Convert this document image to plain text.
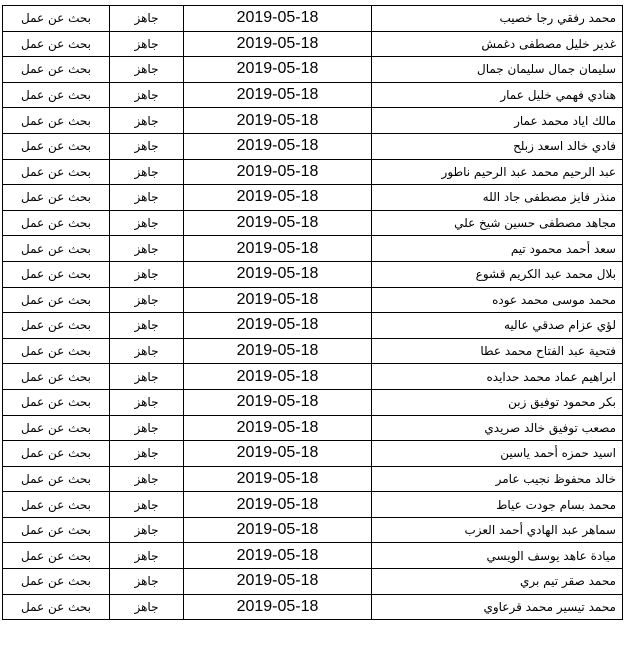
بحث عن عمل	جاهز	2019-05-18	محمد رفقي رجا خصيب
بحث عن عمل	جاهز	2019-05-18	غدير خليل مصطفى دغمش
بحث عن عمل	جاهز	2019-05-18	سليمان جمال سليمان جمال
بحث عن عمل	جاهز	2019-05-18	هنادي فهمي خليل عمار
بحث عن عمل	جاهز	2019-05-18	مالك اياد محمد عمار
بحث عن عمل	جاهز	2019-05-18	فادي خالد اسعد زبلح
بحث عن عمل	جاهز	2019-05-18	عبد الرحيم محمد عبد الرحيم ناطور
بحث عن عمل	جاهز	2019-05-18	منذر فايز مصطفى جاد الله
بحث عن عمل	جاهز	2019-05-18	مجاهد مصطفى حسين شيخ علي
بحث عن عمل	جاهز	2019-05-18	سعد أحمد محمود تيم
بحث عن عمل	جاهز	2019-05-18	بلال محمد عبد الكريم قشوع
بحث عن عمل	جاهز	2019-05-18	محمد موسى محمد عوده
بحث عن عمل	جاهز	2019-05-18	لؤي عزام صدقي عاليه
بحث عن عمل	جاهز	2019-05-18	فتحية عبد الفتاح محمد عطا
بحث عن عمل	جاهز	2019-05-18	ابراهيم عماد محمد حدايده
بحث عن عمل	جاهز	2019-05-18	بكر محمود توفيق زبن
بحث عن عمل	جاهز	2019-05-18	مصعب توفيق خالد صريدي
بحث عن عمل	جاهز	2019-05-18	اسيد حمزه أحمد ياسين
بحث عن عمل	جاهز	2019-05-18	خالد محفوظ نجيب عامر
بحث عن عمل	جاهز	2019-05-18	محمد بسام جودت عياط
بحث عن عمل	جاهز	2019-05-18	سماهر عبد الهادي أحمد العزب
بحث عن عمل	جاهز	2019-05-18	ميادة عاهد يوسف الويسي
بحث عن عمل	جاهز	2019-05-18	محمد صقر تيم بري
بحث عن عمل	جاهز	2019-05-18	محمد تيسير محمد قرعاوي
